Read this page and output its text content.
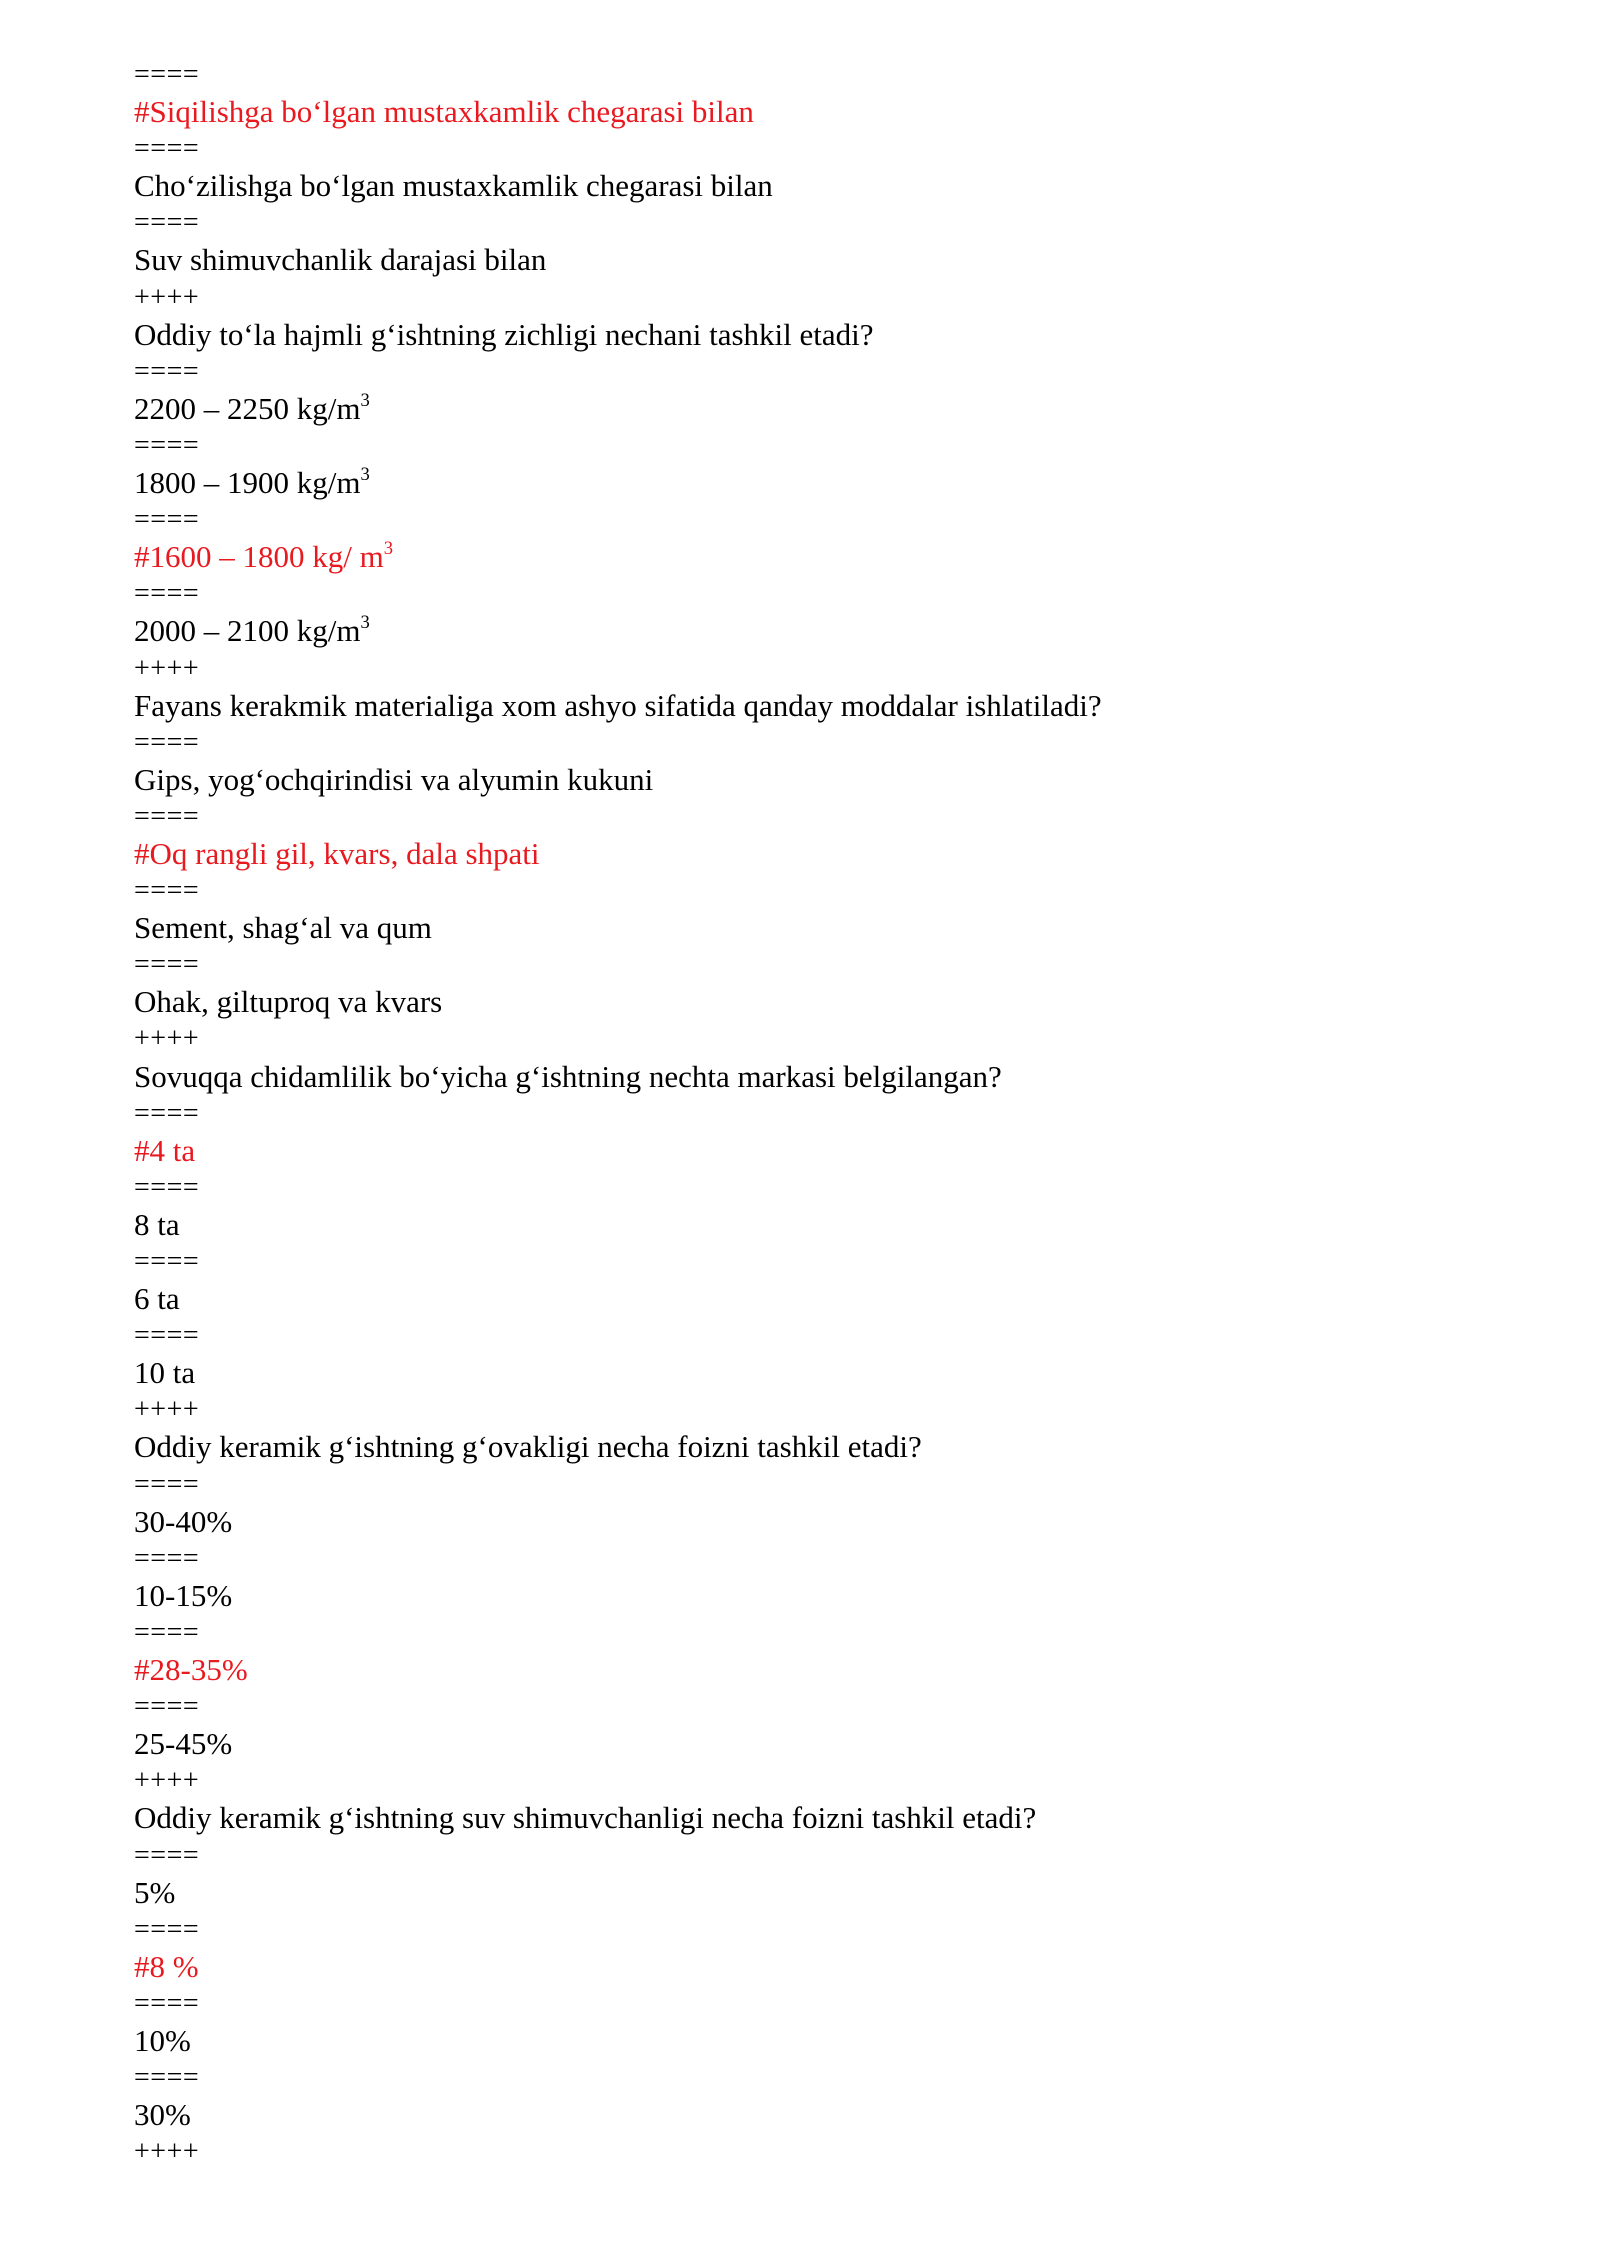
====
#Siqilishga bo‘lgan mustaxkamlik chegarasi bilan
====
Cho‘zilishga bo‘lgan mustaxkamlik chegarasi bilan
====
Suv shimuvchanlik darajasi bilan
++++
Oddiy to‘la hajmli g‘ishtning zichligi nechani tashkil etadi?
====
2200 – 2250 $kg/m^3$
====
1800 – 1900 $kg/m^3$
====
#1600 – 1800 kg/ $m^3$
====
2000 – 2100 $kg/m^3$
++++
Fayans kerakmik materialiga xom ashyo sifatida qanday moddalar ishlatiladi?
====
Gips, yog‘ochqirindisi va alyumin kukuni
====
#Oq rangli gil, kvars, dala shpati
====
Sement, shag‘al va qum
====
Ohak, giltuproq va kvars
++++
Sovuqqa chidamlilik bo‘yicha g‘ishtning nechta markasi belgilangan?
====
#4 ta
====
8 ta
====
6 ta
====
10 ta
++++
Oddiy keramik g‘ishtning g‘ovakligi necha foizni tashkil etadi?
====
30-40%
====
10-15%
====
#28-35%
====
25-45%
++++
Oddiy keramik g‘ishtning suv shimuvchanligi necha foizni tashkil etadi?
====
5%
====
#8 %
====
10%
====
30%
++++
